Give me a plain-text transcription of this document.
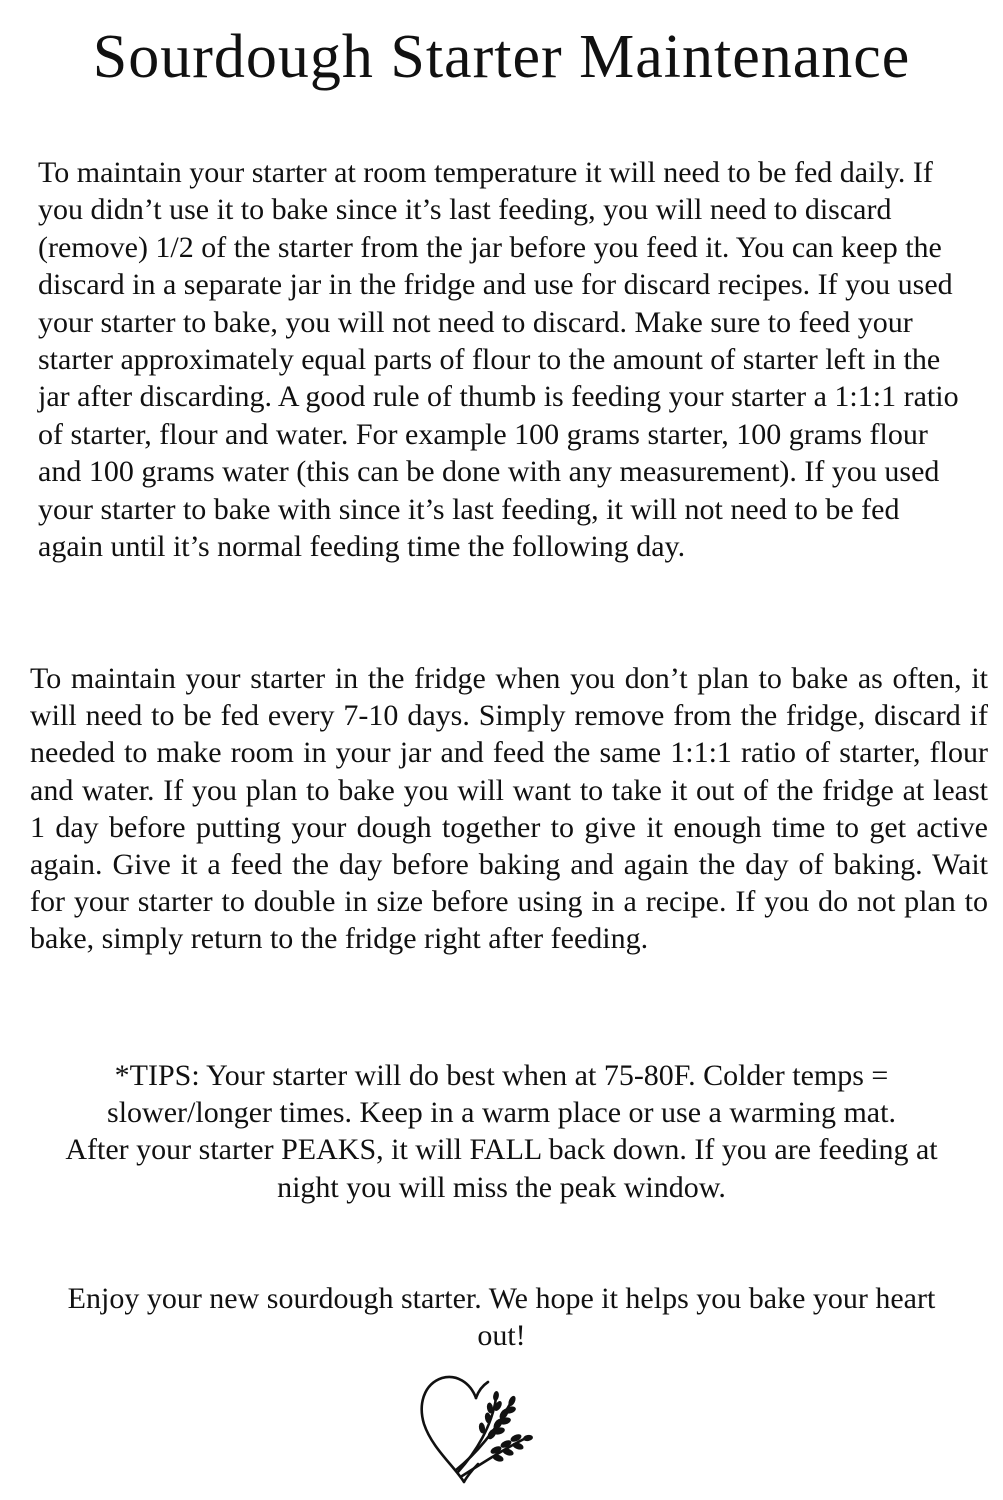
Sourdough Starter Maintenance

To maintain your starter at room temperature it will need to be fed daily. If you didn’t use it to bake since it’s last feeding, you will need to discard (remove) 1/2 of the starter from the jar before you feed it. You can keep the discard in a separate jar in the fridge and use for discard recipes. If you used your starter to bake, you will not need to discard. Make sure to feed your starter approximately equal parts of flour to the amount of starter left in the jar after discarding. A good rule of thumb is feeding your starter a 1:1:1 ratio of starter, flour and water. For example 100 grams starter, 100 grams flour and 100 grams water (this can be done with any measurement). If you used your starter to bake with since it’s last feeding, it will not need to be fed again until it’s normal feeding time the following day.

To maintain your starter in the fridge when you don’t plan to bake as often, it will need to be fed every 7-10 days. Simply remove from the fridge, discard if needed to make room in your jar and feed the same 1:1:1 ratio of starter, flour and water. If you plan to bake you will want to take it out of the fridge at least 1 day before putting your dough together to give it enough time to get active again. Give it a feed the day before baking and again the day of baking. Wait for your starter to double in size before using in a recipe. If you do not plan to bake, simply return to the fridge right after feeding.

*TIPS: Your starter will do best when at 75-80F. Colder temps = slower/longer times. Keep in a warm place or use a warming mat.

After your starter PEAKS, it will FALL back down. If you are feeding at night you will miss the peak window.

Enjoy your new sourdough starter. We hope it helps you bake your heart out!
